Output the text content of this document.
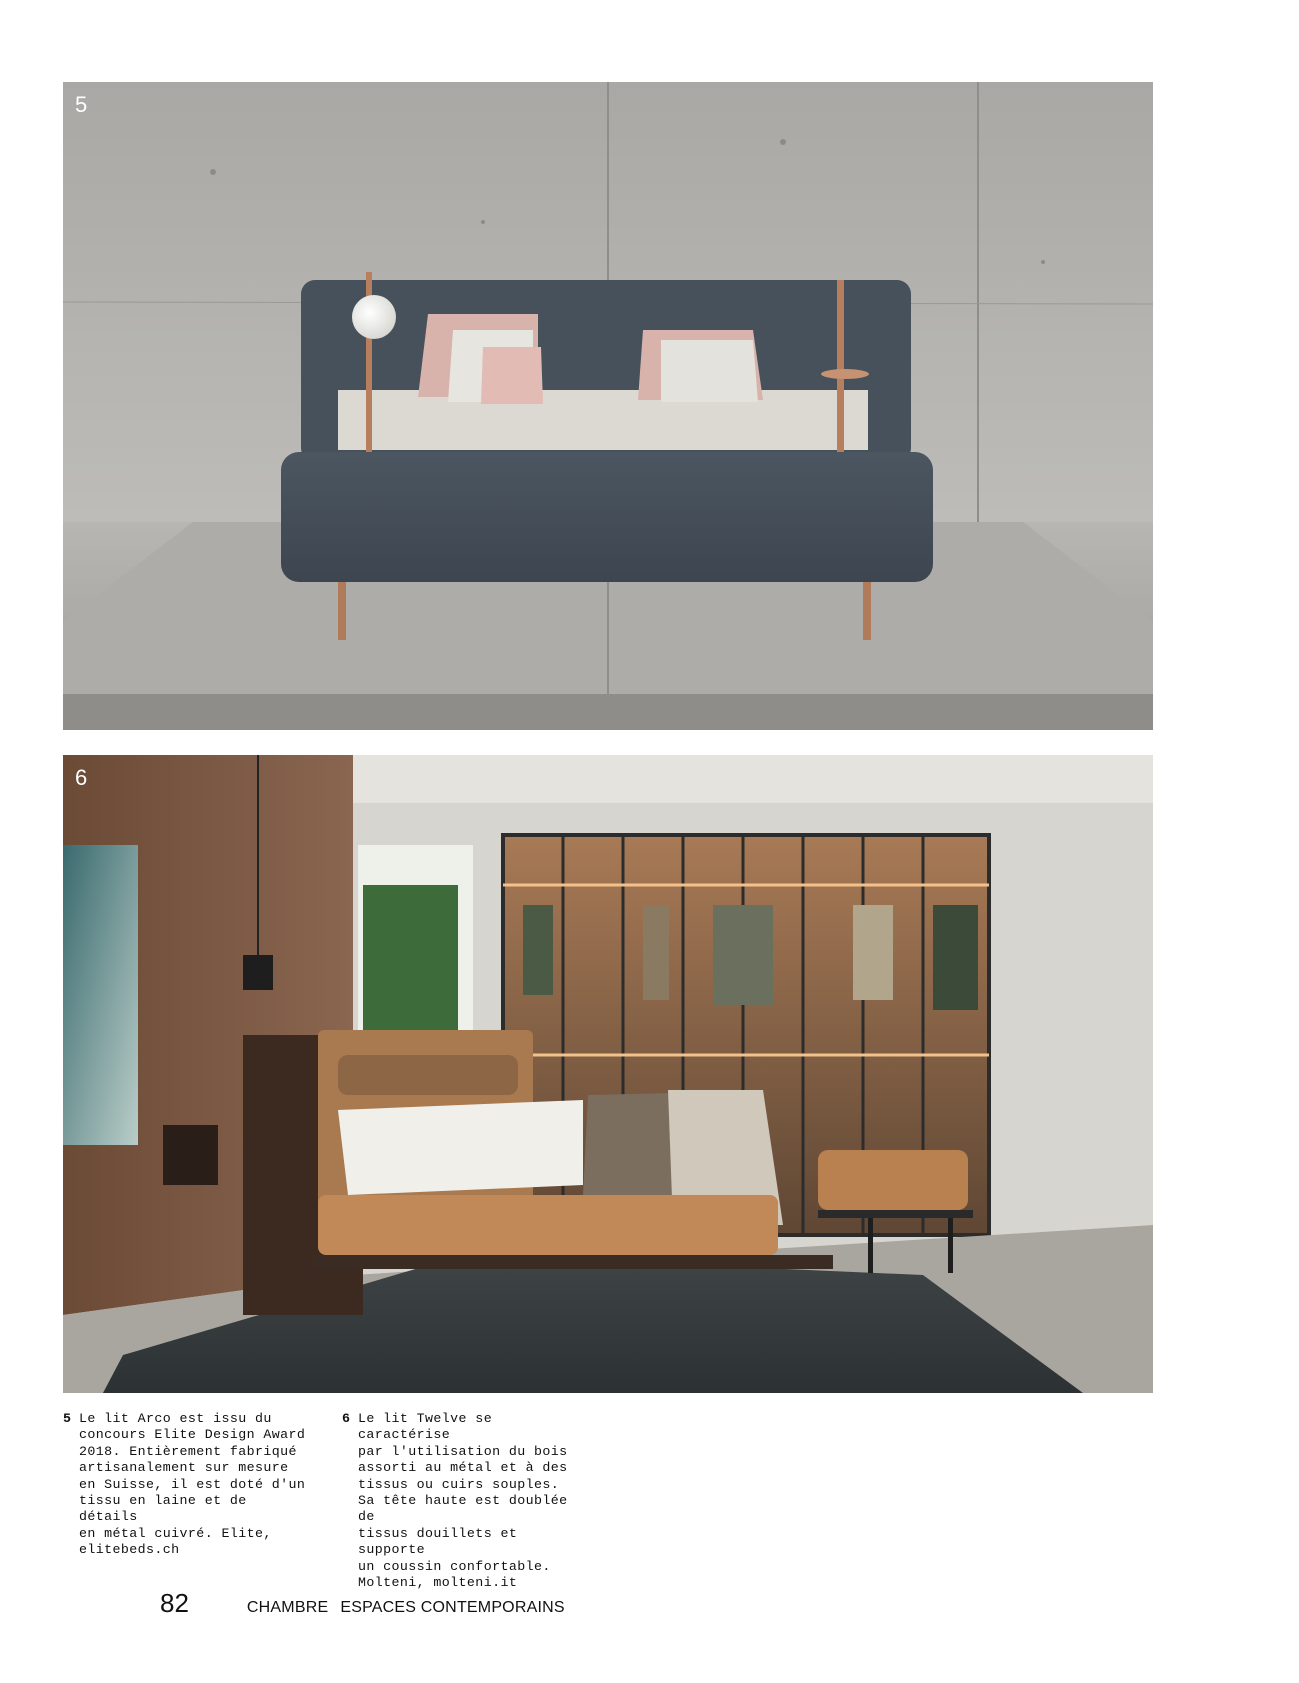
5
6
5 Le lit Arco est issu du
concours Elite Design Award
2018. Entièrement fabriqué
artisanalement sur mesure
en Suisse, il est doté d'un
tissu en laine et de détails
en métal cuivré. Elite,
elitebeds.ch
6 Le lit Twelve se caractérise
par l'utilisation du bois
assorti au métal et à des
tissus ou cuirs souples.
Sa tête haute est doublée de
tissus douillets et supporte
un coussin confortable.
Molteni, molteni.it
82	CHAMBRE ESPACES CONTEMPORAINS
